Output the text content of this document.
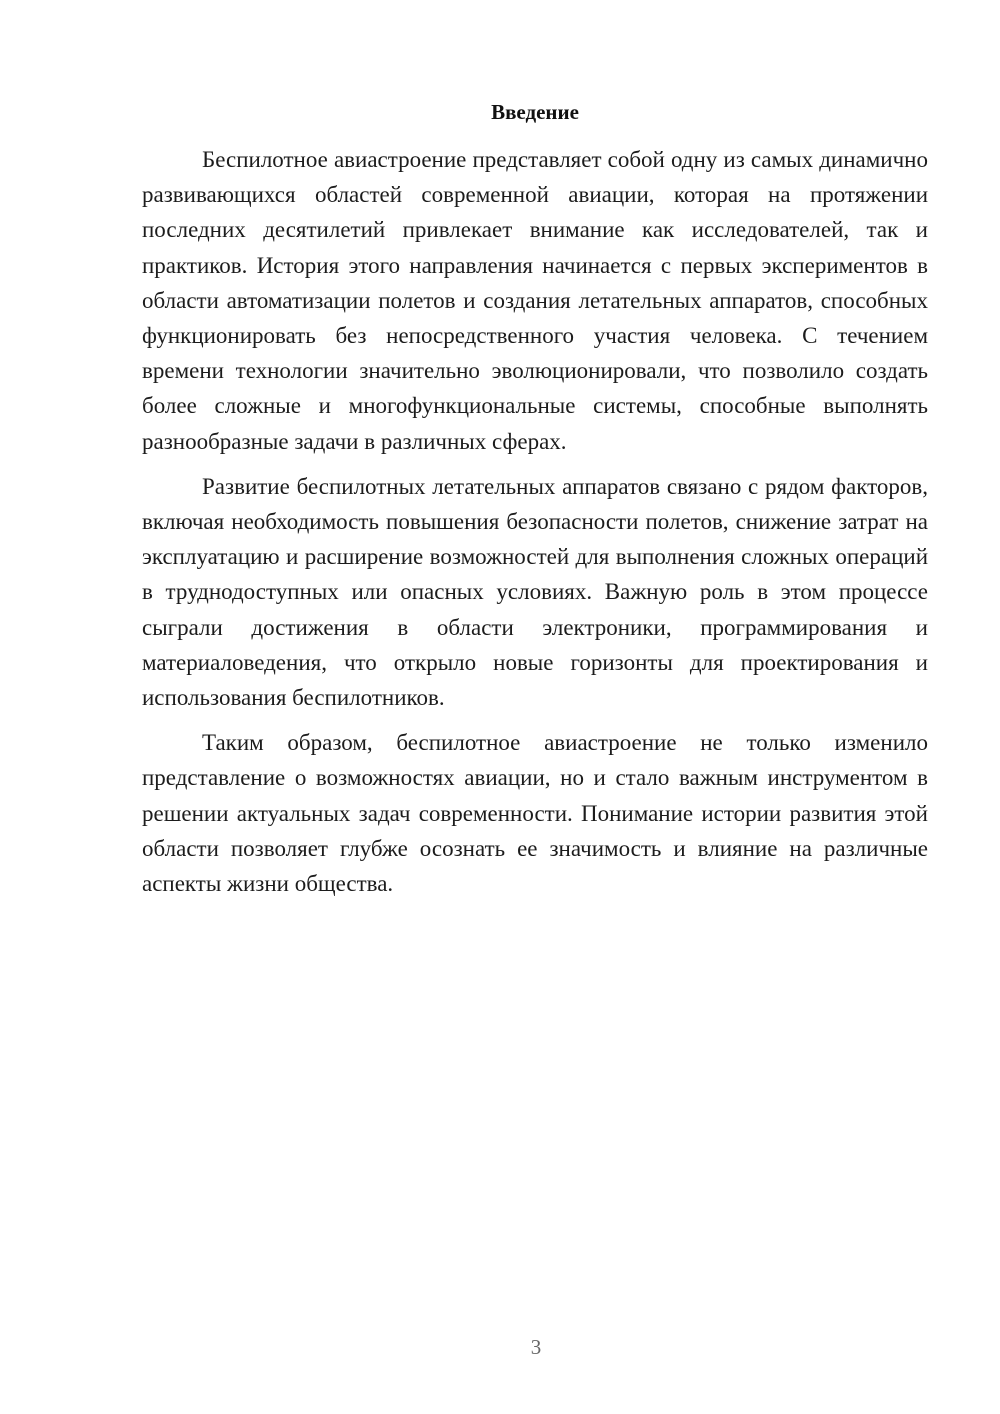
Введение

Беспилотное авиастроение представляет собой одну из самых динамично развивающихся областей современной авиации, которая на протяжении последних десятилетий привлекает внимание как исследователей, так и практиков. История этого направления начинается с первых экспериментов в области автоматизации полетов и создания летательных аппаратов, способных функционировать без непосредственного участия человека. С течением времени технологии значительно эволюционировали, что позволило создать более сложные и многофункциональные системы, способные выполнять разнообразные задачи в различных сферах.

Развитие беспилотных летательных аппаратов связано с рядом факторов, включая необходимость повышения безопасности полетов, снижение затрат на эксплуатацию и расширение возможностей для выполнения сложных операций в труднодоступных или опасных условиях. Важную роль в этом процессе сыграли достижения в области электроники, программирования и материаловедения, что открыло новые горизонты для проектирования и использования беспилотников.

Таким образом, беспилотное авиастроение не только изменило представление о возможностях авиации, но и стало важным инструментом в решении актуальных задач современности. Понимание истории развития этой области позволяет глубже осознать ее значимость и влияние на различные аспекты жизни общества.

3
